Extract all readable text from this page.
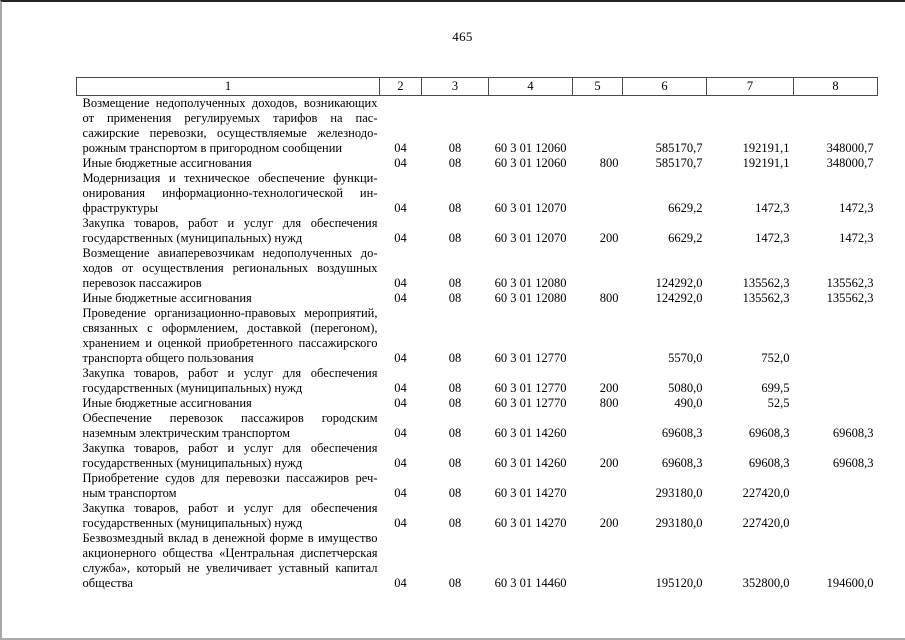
465
1	2	3	4	5	6	7	8
Возмещение недополученных доходов, возникающих от применения регулируемых тарифов на пассажирские перевозки, осуществляемые железнодорожным транспортом в пригородном сообщении	04	08	60 3 01 12060		585170,7	192191,1	348000,7
Иные бюджетные ассигнования	04	08	60 3 01 12060	800	585170,7	192191,1	348000,7
Модернизация и техническое обеспечение функционирования информационно-технологической инфраструктуры	04	08	60 3 01 12070		6629,2	1472,3	1472,3
Закупка товаров, работ и услуг для обеспечения государственных (муниципальных) нужд	04	08	60 3 01 12070	200	6629,2	1472,3	1472,3
Возмещение авиаперевозчикам недополученных доходов от осуществления региональных воздушных перевозок пассажиров	04	08	60 3 01 12080		124292,0	135562,3	135562,3
Иные бюджетные ассигнования	04	08	60 3 01 12080	800	124292,0	135562,3	135562,3
Проведение организационно-правовых мероприятий, связанных с оформлением, доставкой (перегоном), хранением и оценкой приобретенного пассажирского транспорта общего пользования	04	08	60 3 01 12770		5570,0	752,0	
Закупка товаров, работ и услуг для обеспечения государственных (муниципальных) нужд	04	08	60 3 01 12770	200	5080,0	699,5	
Иные бюджетные ассигнования	04	08	60 3 01 12770	800	490,0	52,5	
Обеспечение перевозок пассажиров городским наземным электрическим транспортом	04	08	60 3 01 14260		69608,3	69608,3	69608,3
Закупка товаров, работ и услуг для обеспечения государственных (муниципальных) нужд	04	08	60 3 01 14260	200	69608,3	69608,3	69608,3
Приобретение судов для перевозки пассажиров речным транспортом	04	08	60 3 01 14270		293180,0	227420,0	
Закупка товаров, работ и услуг для обеспечения государственных (муниципальных) нужд	04	08	60 3 01 14270	200	293180,0	227420,0	
Безвозмездный вклад в денежной форме в имущество акционерного общества «Центральная диспетчерская служба», который не увеличивает уставный капитал общества	04	08	60 3 01 14460		195120,0	352800,0	194600,0
